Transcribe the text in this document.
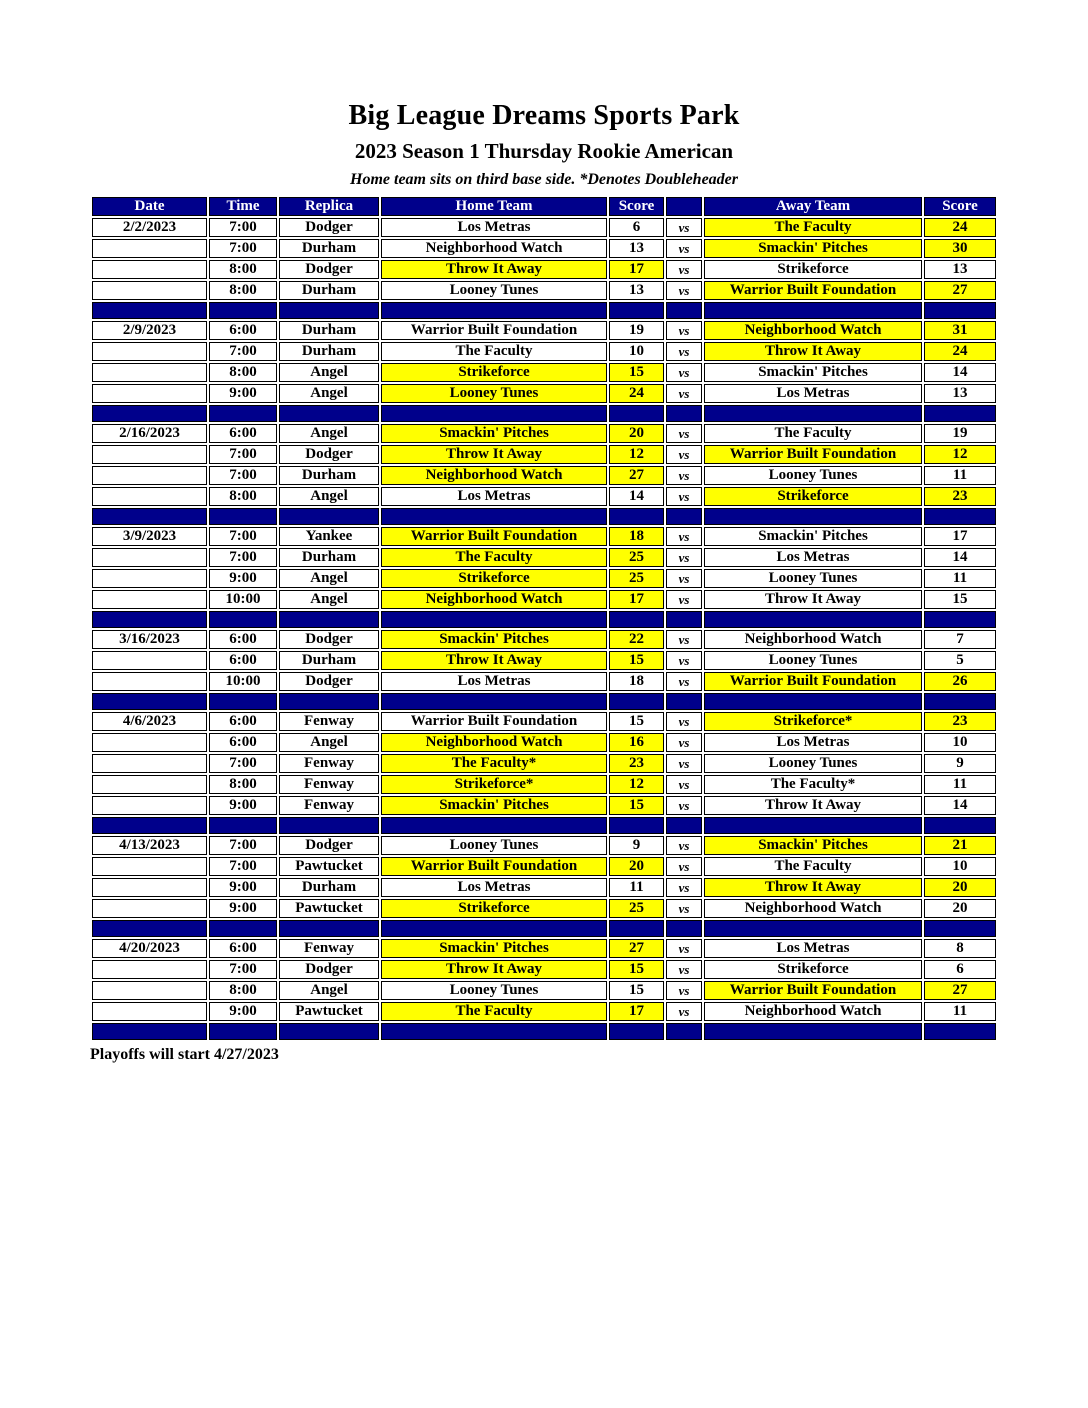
Big League Dreams Sports Park
2023 Season 1 Thursday Rookie American
Home team sits on third base side. *Denotes Doubleheader
Date	Time	Replica	Home Team	Score		Away Team	Score
2/2/2023	7:00	Dodger	Los Metras	6	vs	The Faculty	24
	7:00	Durham	Neighborhood Watch	13	vs	Smackin' Pitches	30
	8:00	Dodger	Throw It Away	17	vs	Strikeforce	13
	8:00	Durham	Looney Tunes	13	vs	Warrior Built Foundation	27

2/9/2023	6:00	Durham	Warrior Built Foundation	19	vs	Neighborhood Watch	31
	7:00	Durham	The Faculty	10	vs	Throw It Away	24
	8:00	Angel	Strikeforce	15	vs	Smackin' Pitches	14
	9:00	Angel	Looney Tunes	24	vs	Los Metras	13

2/16/2023	6:00	Angel	Smackin' Pitches	20	vs	The Faculty	19
	7:00	Dodger	Throw It Away	12	vs	Warrior Built Foundation	12
	7:00	Durham	Neighborhood Watch	27	vs	Looney Tunes	11
	8:00	Angel	Los Metras	14	vs	Strikeforce	23

3/9/2023	7:00	Yankee	Warrior Built Foundation	18	vs	Smackin' Pitches	17
	7:00	Durham	The Faculty	25	vs	Los Metras	14
	9:00	Angel	Strikeforce	25	vs	Looney Tunes	11
	10:00	Angel	Neighborhood Watch	17	vs	Throw It Away	15

3/16/2023	6:00	Dodger	Smackin' Pitches	22	vs	Neighborhood Watch	7
	6:00	Durham	Throw It Away	15	vs	Looney Tunes	5
	10:00	Dodger	Los Metras	18	vs	Warrior Built Foundation	26

4/6/2023	6:00	Fenway	Warrior Built Foundation	15	vs	Strikeforce*	23
	6:00	Angel	Neighborhood Watch	16	vs	Los Metras	10
	7:00	Fenway	The Faculty*	23	vs	Looney Tunes	9
	8:00	Fenway	Strikeforce*	12	vs	The Faculty*	11
	9:00	Fenway	Smackin' Pitches	15	vs	Throw It Away	14

4/13/2023	7:00	Dodger	Looney Tunes	9	vs	Smackin' Pitches	21
	7:00	Pawtucket	Warrior Built Foundation	20	vs	The Faculty	10
	9:00	Durham	Los Metras	11	vs	Throw It Away	20
	9:00	Pawtucket	Strikeforce	25	vs	Neighborhood Watch	20

4/20/2023	6:00	Fenway	Smackin' Pitches	27	vs	Los Metras	8
	7:00	Dodger	Throw It Away	15	vs	Strikeforce	6
	8:00	Angel	Looney Tunes	15	vs	Warrior Built Foundation	27
	9:00	Pawtucket	The Faculty	17	vs	Neighborhood Watch	11

Playoffs will start 4/27/2023
